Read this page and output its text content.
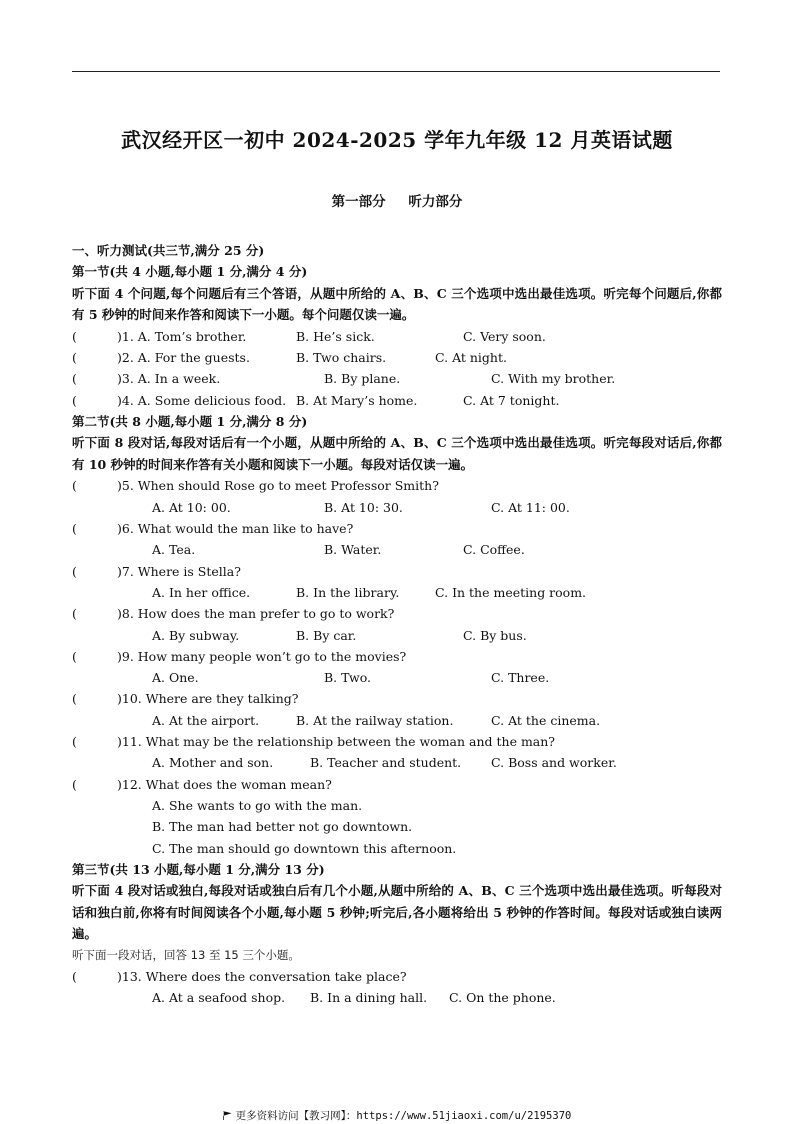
武汉经开区一初中 2024-2025 学年九年级 12 月英语试题
第一部分 听力部分
一、听力测试(共三节,满分 25 分)
第一节(共 4 小题,每小题 1 分,满分 4 分)
听下面 4 个问题,每个问题后有三个答语，从题中所给的 A、B、C 三个选项中选出最佳选项。听完每个问题后,你都有 5 秒钟的时间来作答和阅读下一小题。每个问题仅读一遍。
(	)1. A. Tom’s brother.	B. He’s sick.	C. Very soon.
(	)2. A. For the guests.	B. Two chairs.	C. At night.
(	)3. A. In a week.	B. By plane.	C. With my brother.
(	)4. A. Some delicious food. B. At Mary’s home.	C. At 7 tonight.
第二节(共 8 小题,每小题 1 分,满分 8 分)
听下面 8 段对话,每段对话后有一个小题，从题中所给的 A、B、C 三个选项中选出最佳选项。听完每段对话后,你都有 10 秒钟的时间来作答有关小题和阅读下一小题。每段对话仅读一遍。
(	)5. When should Rose go to meet Professor Smith?
A. At 10: 00.	B. At 10: 30.	C. At 11: 00.
(	)6. What would the man like to have?
A. Tea.	B. Water.	C. Coffee.
(	)7. Where is Stella?
A. In her office.	B. In the library.	C. In the meeting room.
(	)8. How does the man prefer to go to work?
A. By subway.	B. By car.	C. By bus.
(	)9. How many people won’t go to the movies?
A. One.	B. Two.	C. Three.
(	)10. Where are they talking?
A. At the airport.	B. At the railway station.	C. At the cinema.
(	)11. What may be the relationship between the woman and the man?
A. Mother and son.	B. Teacher and student. C. Boss and worker.
(	)12. What does the woman mean?
A. She wants to go with the man.
B. The man had better not go downtown.
C. The man should go downtown this afternoon.
第三节(共 13 小题,每小题 1 分,满分 13 分)
听下面 4 段对话或独白,每段对话或独白后有几个小题,从题中所给的 A、B、C 三个选项中选出最佳选项。听每段对话和独白前,你将有时间阅读各个小题,每小题 5 秒钟;听完后,各小题将给出 5 秒钟的作答时间。每段对话或独白读两遍。
听下面一段对话，回答 13 至 15 三个小题。
(	)13. Where does the conversation take place?
A. At a seafood shop. B. In a dining hall. C. On the phone.
更多资料访问【教习网】：https://www.51jiaoxi.com/u/2195370
